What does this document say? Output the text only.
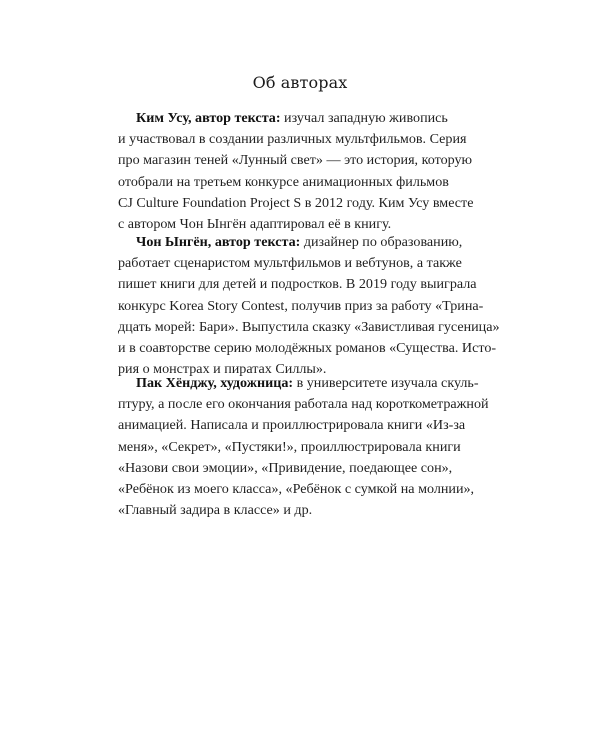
Об авторах
Ким Усу, автор текста: изучал западную живопись
и участвовал в создании различных мультфильмов. Серия
про магазин теней «Лунный свет» — это история, которую
отобрали на третьем конкурсе анимационных фильмов
CJ Culture Foundation Project S в 2012 году. Ким Усу вместе
с автором Чон Ынгён адаптировал её в книгу.
Чон Ынгён, автор текста: дизайнер по образованию,
работает сценаристом мультфильмов и вебтунов, а также
пишет книги для детей и подростков. В 2019 году выиграла
конкурс Korea Story Contest, получив приз за работу «Трина-
дцать морей: Бари». Выпустила сказку «Завистливая гусеница»
и в соавторстве серию молодёжных романов «Существа. Исто-
рия о монстрах и пиратах Силлы».
Пак Хёнджу, художница: в университете изучала скуль-
птуру, а после его окончания работала над короткометражной
анимацией. Написала и проиллюстрировала книги «Из-за
меня», «Секрет», «Пустяки!», проиллюстрировала книги
«Назови свои эмоции», «Привидение, поедающее сон»,
«Ребёнок из моего класса», «Ребёнок с сумкой на молнии»,
«Главный задира в классе» и др.
